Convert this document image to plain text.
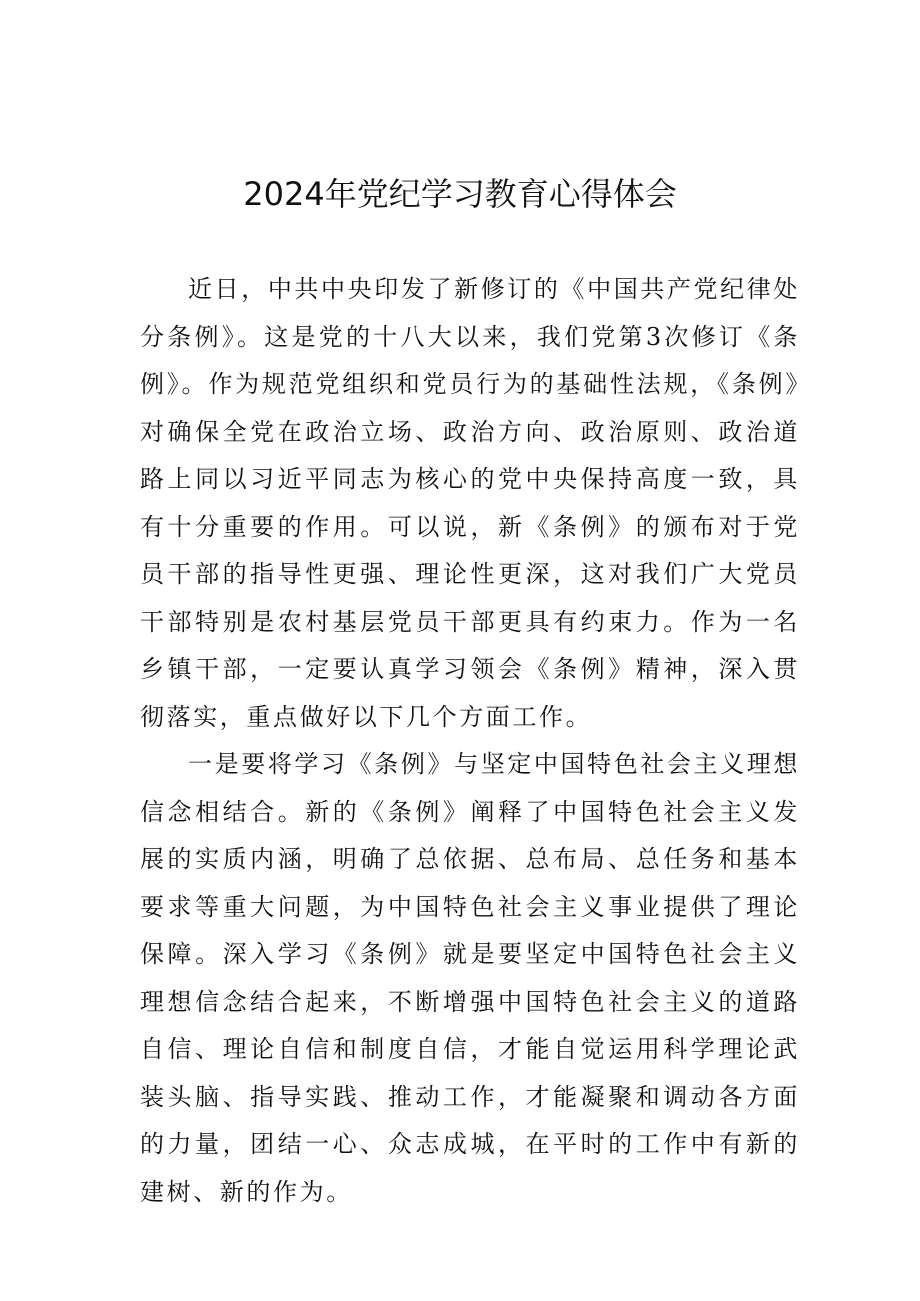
2024年党纪学习教育心得体会

近日，中共中央印发了新修订的《中国共产党纪律处分条例》。这是党的十八大以来，我们党第3次修订《条例》。作为规范党组织和党员行为的基础性法规，《条例》对确保全党在政治立场、政治方向、政治原则、政治道路上同以习近平同志为核心的党中央保持高度一致，具有十分重要的作用。可以说，新《条例》的颁布对于党员干部的指导性更强、理论性更深，这对我们广大党员干部特别是农村基层党员干部更具有约束力。作为一名乡镇干部，一定要认真学习领会《条例》精神，深入贯彻落实，重点做好以下几个方面工作。

一是要将学习《条例》与坚定中国特色社会主义理想信念相结合。新的《条例》阐释了中国特色社会主义发展的实质内涵，明确了总依据、总布局、总任务和基本要求等重大问题，为中国特色社会主义事业提供了理论保障。深入学习《条例》就是要坚定中国特色社会主义理想信念结合起来，不断增强中国特色社会主义的道路自信、理论自信和制度自信，才能自觉运用科学理论武装头脑、指导实践、推动工作，才能凝聚和调动各方面的力量，团结一心、众志成城，在平时的工作中有新的建树、新的作为。
